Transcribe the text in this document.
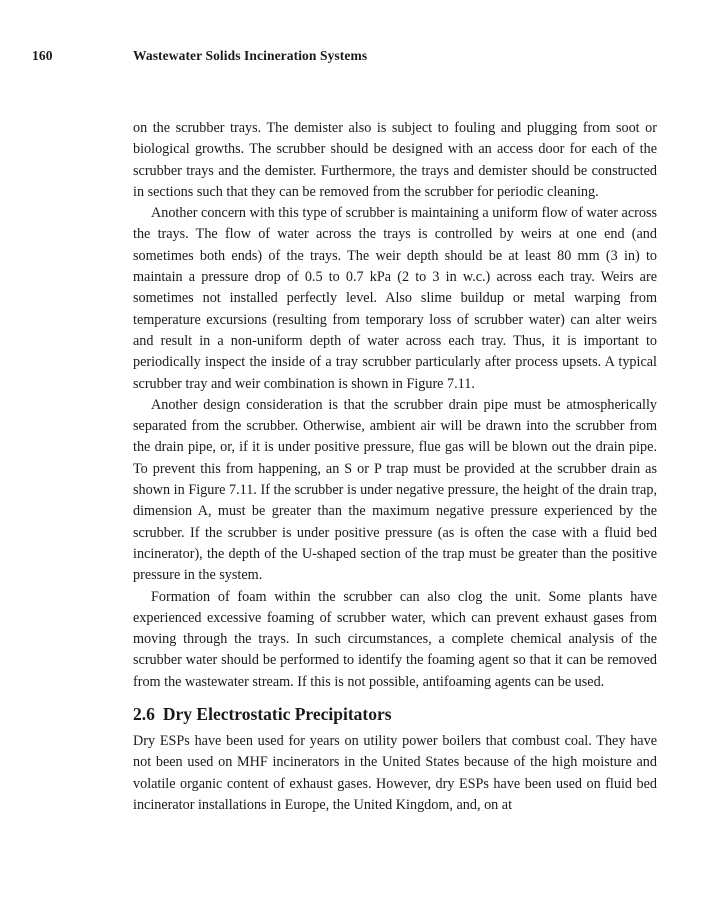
160	Wastewater Solids Incineration Systems

on the scrubber trays. The demister also is subject to fouling and plugging from soot or biological growths. The scrubber should be designed with an access door for each of the scrubber trays and the demister. Furthermore, the trays and demister should be constructed in sections such that they can be removed from the scrubber for periodic cleaning.

Another concern with this type of scrubber is maintaining a uniform flow of water across the trays. The flow of water across the trays is controlled by weirs at one end (and sometimes both ends) of the trays. The weir depth should be at least 80 mm (3 in) to maintain a pressure drop of 0.5 to 0.7 kPa (2 to 3 in w.c.) across each tray. Weirs are sometimes not installed perfectly level. Also slime buildup or metal warping from temperature excursions (resulting from temporary loss of scrubber water) can alter weirs and result in a non-uniform depth of water across each tray. Thus, it is important to periodically inspect the inside of a tray scrubber particularly after process upsets. A typical scrubber tray and weir combination is shown in Figure 7.11.

Another design consideration is that the scrubber drain pipe must be atmospherically separated from the scrubber. Otherwise, ambient air will be drawn into the scrubber from the drain pipe, or, if it is under positive pressure, flue gas will be blown out the drain pipe. To prevent this from happening, an S or P trap must be provided at the scrubber drain as shown in Figure 7.11. If the scrubber is under negative pressure, the height of the drain trap, dimension A, must be greater than the maximum negative pressure experienced by the scrubber. If the scrubber is under positive pressure (as is often the case with a fluid bed incinerator), the depth of the U-shaped section of the trap must be greater than the positive pressure in the system.

Formation of foam within the scrubber can also clog the unit. Some plants have experienced excessive foaming of scrubber water, which can prevent exhaust gases from moving through the trays. In such circumstances, a complete chemical analysis of the scrubber water should be performed to identify the foaming agent so that it can be removed from the wastewater stream. If this is not possible, antifoaming agents can be used.

2.6 Dry Electrostatic Precipitators

Dry ESPs have been used for years on utility power boilers that combust coal. They have not been used on MHF incinerators in the United States because of the high moisture and volatile organic content of exhaust gases. However, dry ESPs have been used on fluid bed incinerator installations in Europe, the United Kingdom, and, on at
